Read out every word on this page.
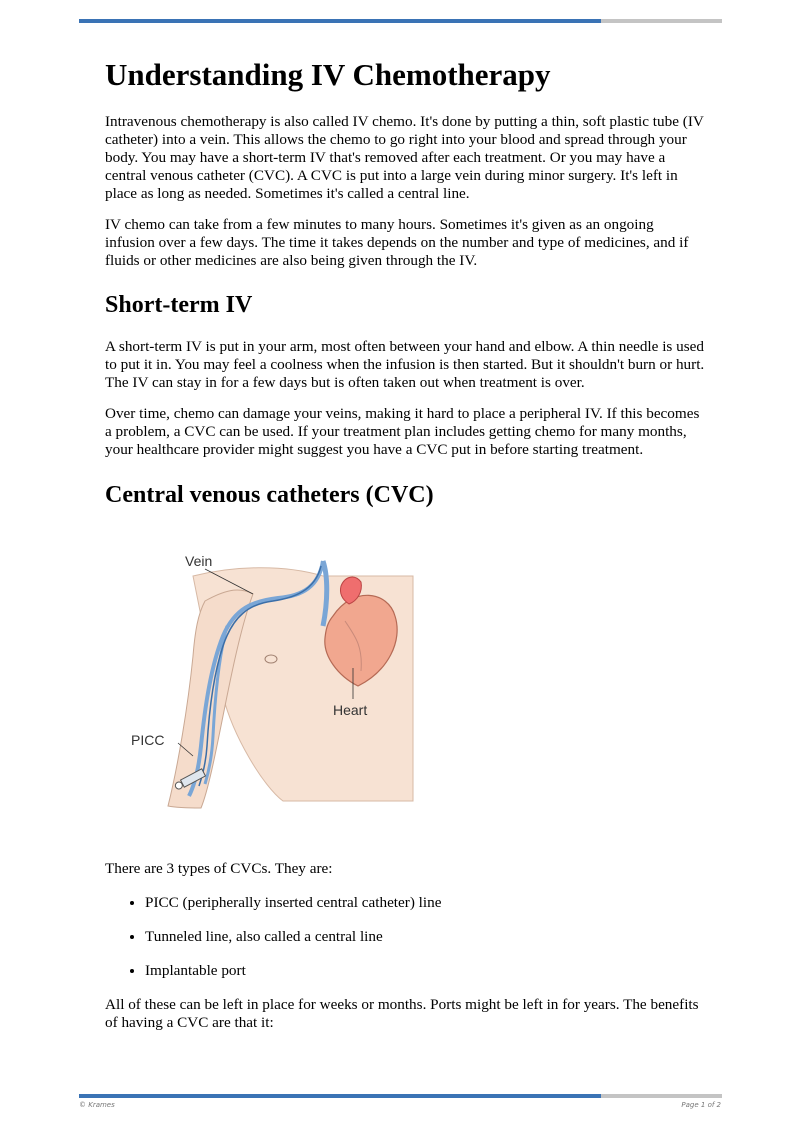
Understanding IV Chemotherapy

Intravenous chemotherapy is also called IV chemo. It's done by putting a thin, soft plastic tube (IV catheter) into a vein. This allows the chemo to go right into your blood and spread through your body. You may have a short-term IV that's removed after each treatment. Or you may have a central venous catheter (CVC). A CVC is put into a large vein during minor surgery. It's left in place as long as needed. Sometimes it's called a central line.

IV chemo can take from a few minutes to many hours. Sometimes it's given as an ongoing infusion over a few days. The time it takes depends on the number and type of medicines, and if fluids or other medicines are also being given through the IV.

Short-term IV

A short-term IV is put in your arm, most often between your hand and elbow. A thin needle is used to put it in. You may feel a coolness when the infusion is then started. But it shouldn't burn or hurt. The IV can stay in for a few days but is often taken out when treatment is over.

Over time, chemo can damage your veins, making it hard to place a peripheral IV. If this becomes a problem, a CVC can be used. If your treatment plan includes getting chemo for many months, your healthcare provider might suggest you have a CVC put in before starting treatment.

Central venous catheters (CVC)
Vein
Heart
PICC

There are 3 types of CVCs. They are:

• PICC (peripherally inserted central catheter) line
• Tunneled line, also called a central line
• Implantable port

All of these can be left in place for weeks or months. Ports might be left in for years. The benefits of having a CVC are that it:

© Krames	Page 1 of 2
